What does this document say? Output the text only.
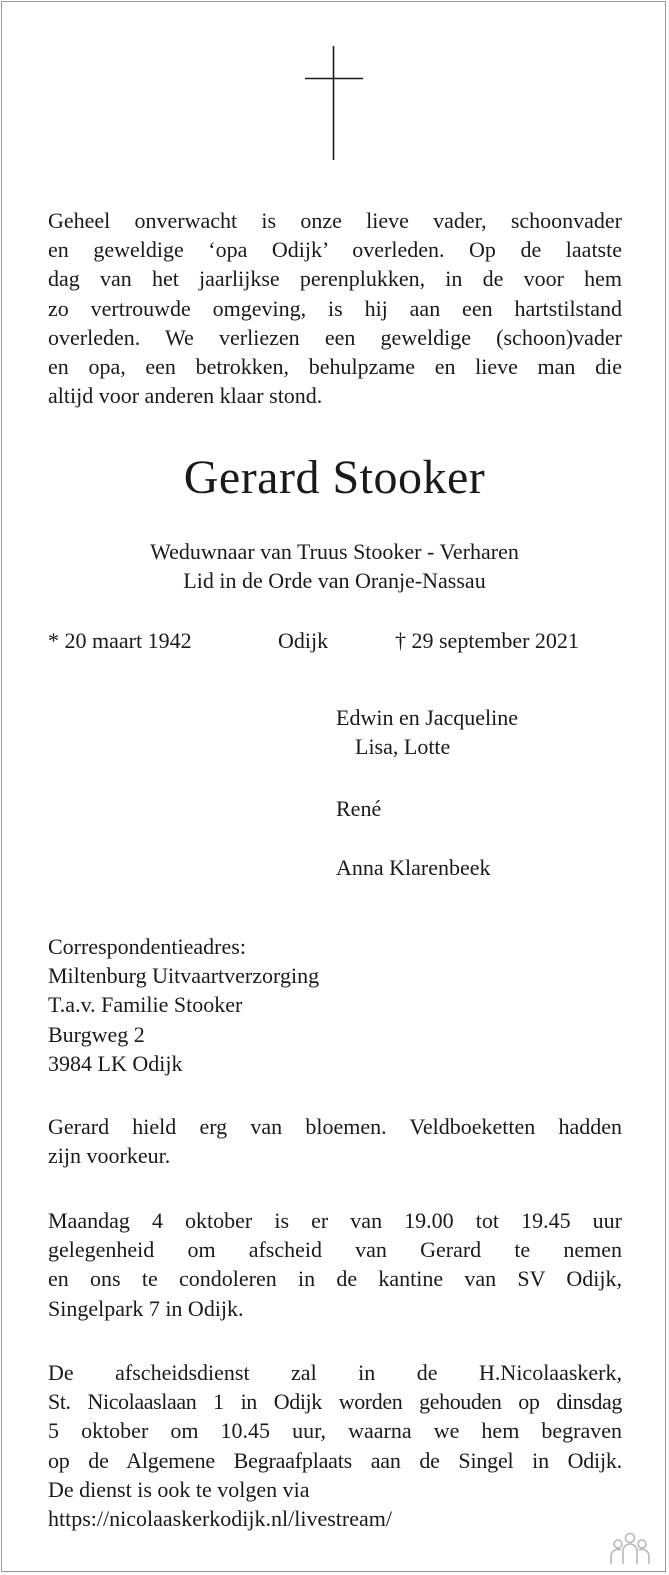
Geheel onverwacht is onze lieve vader, schoonvader
en geweldige ‘opa Odijk’ overleden. Op de laatste
dag van het jaarlijkse perenplukken, in de voor hem
zo vertrouwde omgeving, is hij aan een hartstilstand
overleden. We verliezen een geweldige (schoon)vader
en opa, een betrokken, behulpzame en lieve man die
altijd voor anderen klaar stond.

Gerard Stooker
Weduwnaar van Truus Stooker - Verharen
Lid in de Orde van Oranje-Nassau
* 20 maart 1942	Odijk	† 29 september 2021
Edwin en Jacqueline
Lisa, Lotte
René
Anna Klarenbeek
Correspondentieadres:
Miltenburg Uitvaartverzorging
T.a.v. Familie Stooker
Burgweg 2
3984 LK Odijk

Gerard hield erg van bloemen. Veldboeketten hadden
zijn voorkeur.

Maandag 4 oktober is er van 19.00 tot 19.45 uur
gelegenheid om afscheid van Gerard te nemen
en ons te condoleren in de kantine van SV Odijk,
Singelpark 7 in Odijk.

De afscheidsdienst zal in de H.Nicolaaskerk,
St. Nicolaaslaan 1 in Odijk worden gehouden op dinsdag
5 oktober om 10.45 uur, waarna we hem begraven
op de Algemene Begraafplaats aan de Singel in Odijk.
De dienst is ook te volgen via
https://nicolaaskerkodijk.nl/livestream/
